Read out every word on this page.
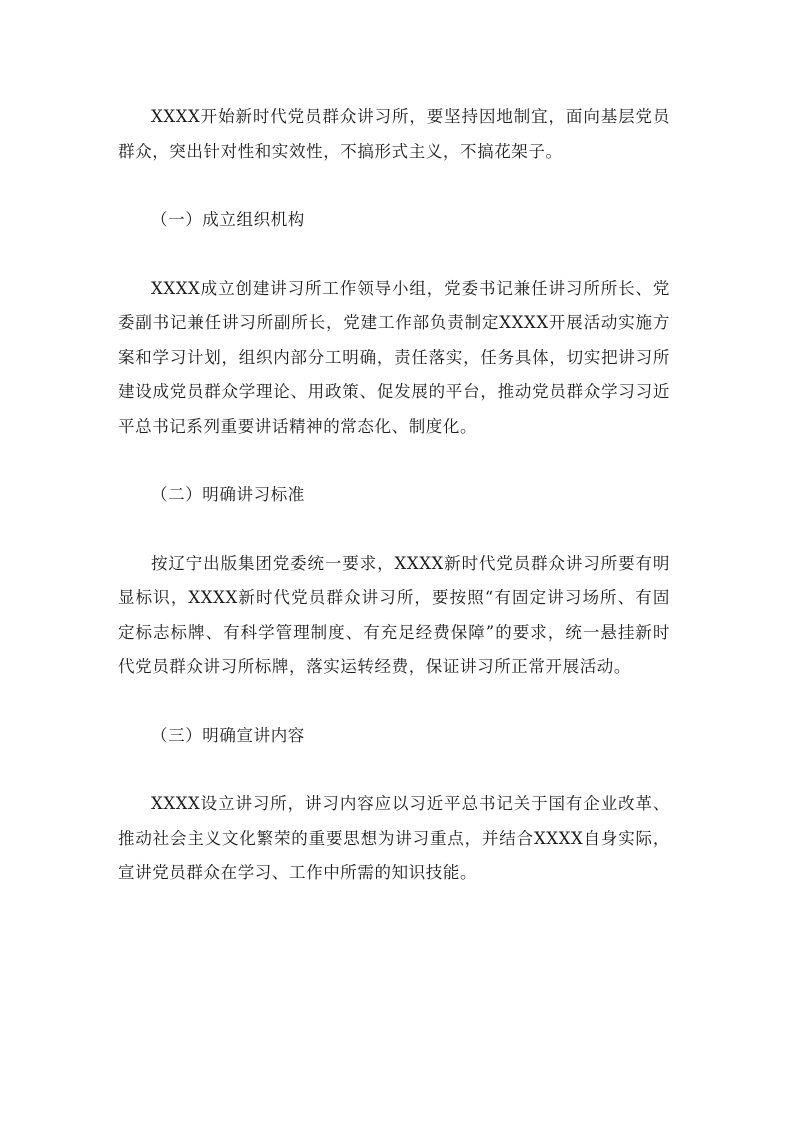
XXXX开始新时代党员群众讲习所，要坚持因地制宜，面向基层党员群众，突出针对性和实效性，不搞形式主义，不搞花架子。

（一）成立组织机构

XXXX成立创建讲习所工作领导小组，党委书记兼任讲习所所长、党委副书记兼任讲习所副所长，党建工作部负责制定XXXX开展活动实施方案和学习计划，组织内部分工明确，责任落实，任务具体，切实把讲习所建设成党员群众学理论、用政策、促发展的平台，推动党员群众学习习近平总书记系列重要讲话精神的常态化、制度化。

（二）明确讲习标准

按辽宁出版集团党委统一要求，XXXX新时代党员群众讲习所要有明显标识，XXXX新时代党员群众讲习所，要按照“有固定讲习场所、有固定标志标牌、有科学管理制度、有充足经费保障”的要求，统一悬挂新时代党员群众讲习所标牌，落实运转经费，保证讲习所正常开展活动。

（三）明确宣讲内容

XXXX设立讲习所，讲习内容应以习近平总书记关于国有企业改革、推动社会主义文化繁荣的重要思想为讲习重点，并结合XXXX自身实际，宣讲党员群众在学习、工作中所需的知识技能。
